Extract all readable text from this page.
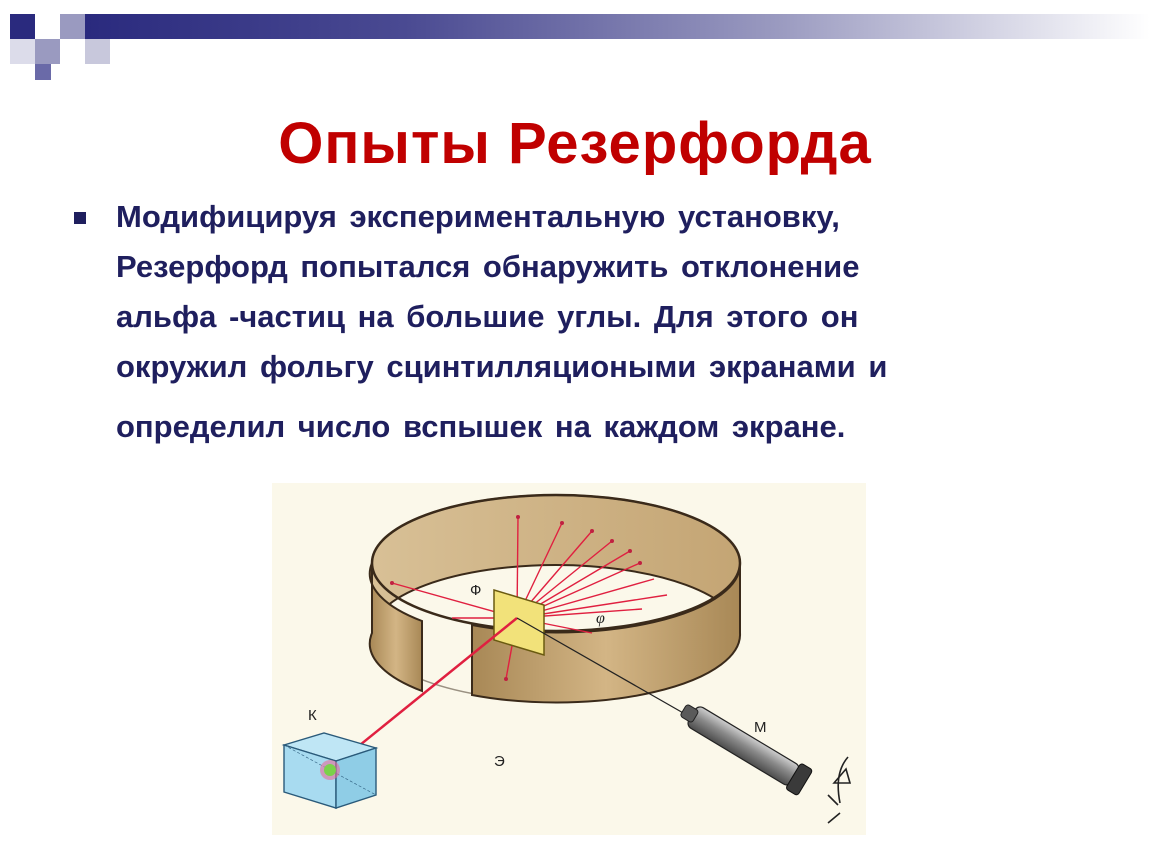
Опыты Резерфорда
Модифицируя экспериментальную установку,
Резерфорд попытался обнаружить отклонение
альфа -частиц на большие углы. Для этого он
окружил фольгу сцинтилляциоными экранами и
определил число вспышек на каждом экране.
Ф
φ
К
Э
М
